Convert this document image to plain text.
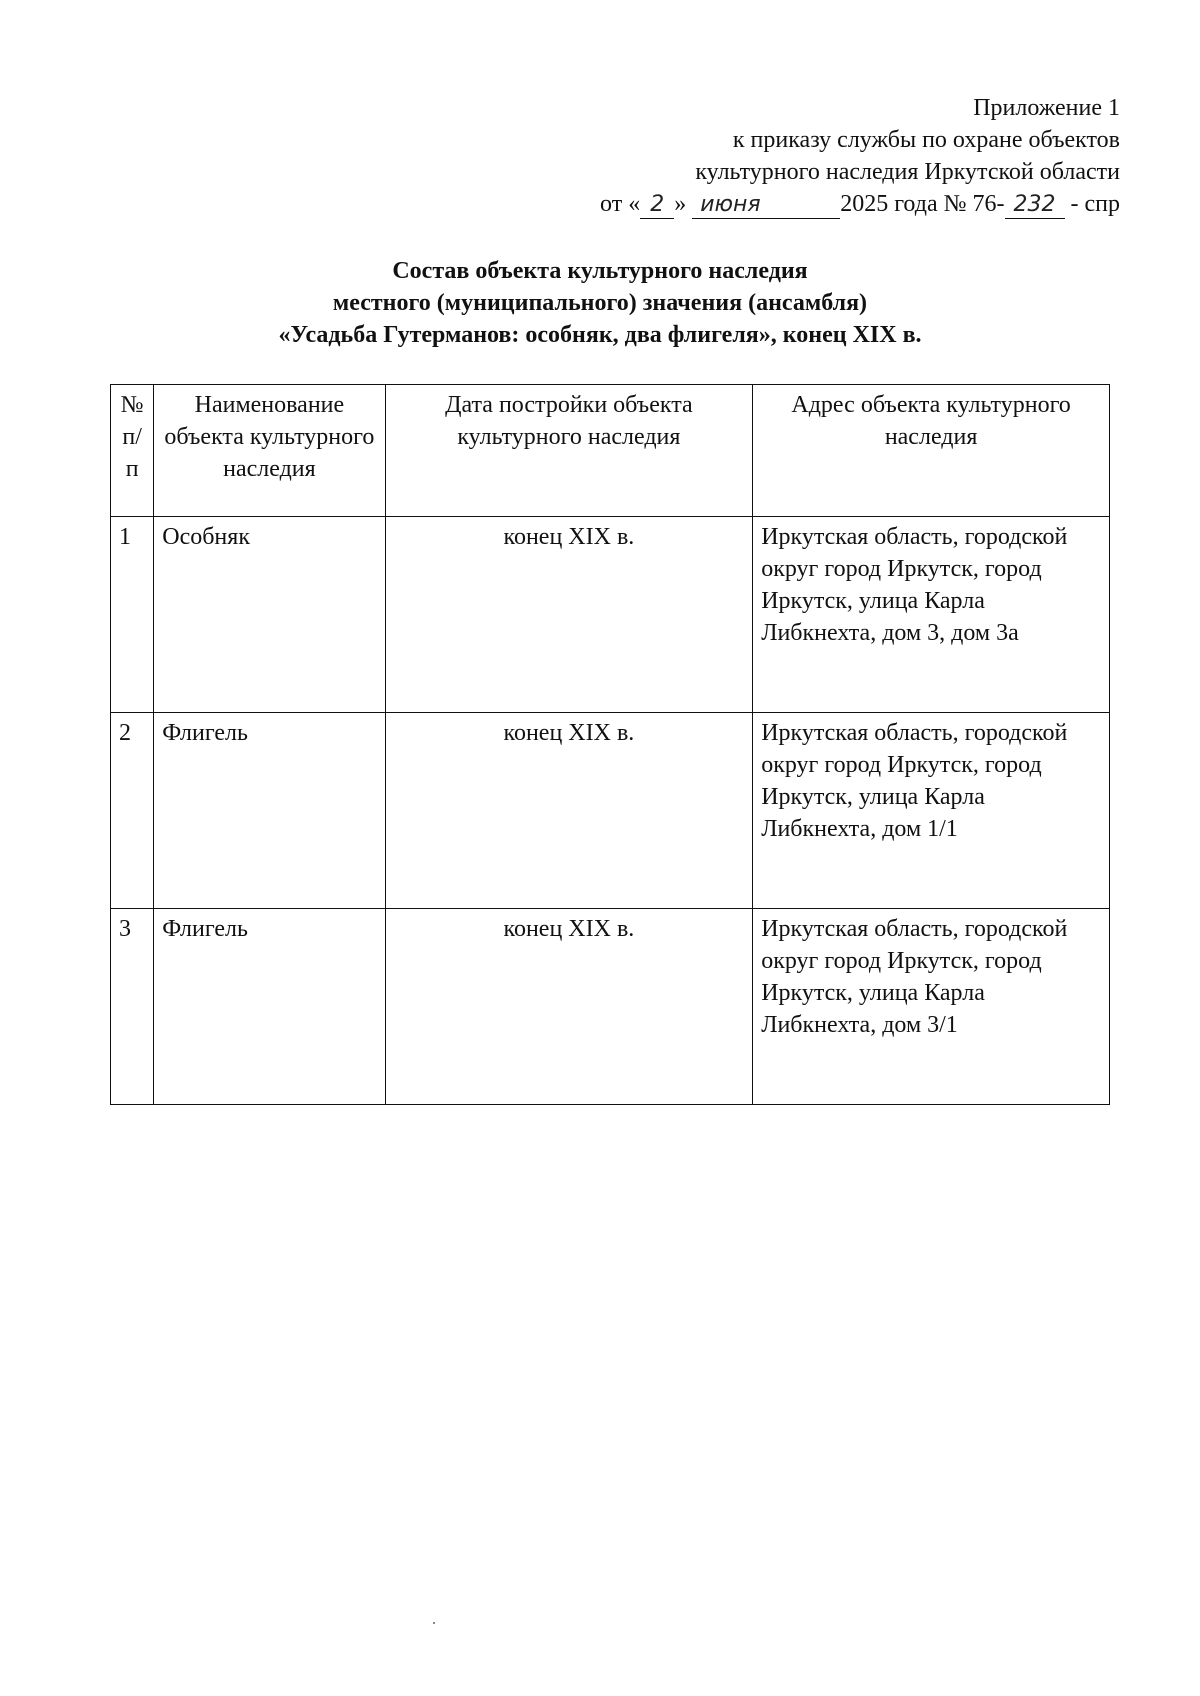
Приложение 1
к приказу службы по охране объектов
культурного наследия Иркутской области
от « 2 » июня	2025 года № 76- 232 - спр
Состав объекта культурного наследия
местного (муниципального) значения (ансамбля)
«Усадьба Гутерманов: особняк, два флигеля», конец XIX в.
№ п/п	Наименование объекта культурного наследия	Дата постройки объекта культурного наследия	Адрес объекта культурного наследия
1	Особняк	конец XIX в.	Иркутская область, городской округ город Иркутск, город Иркутск, улица Карла Либкнехта, дом 3, дом 3а
2	Флигель	конец XIX в.	Иркутская область, городской округ город Иркутск, город Иркутск, улица Карла Либкнехта, дом 1/1
3	Флигель	конец XIX в.	Иркутская область, городской округ город Иркутск, город Иркутск, улица Карла Либкнехта, дом 3/1
